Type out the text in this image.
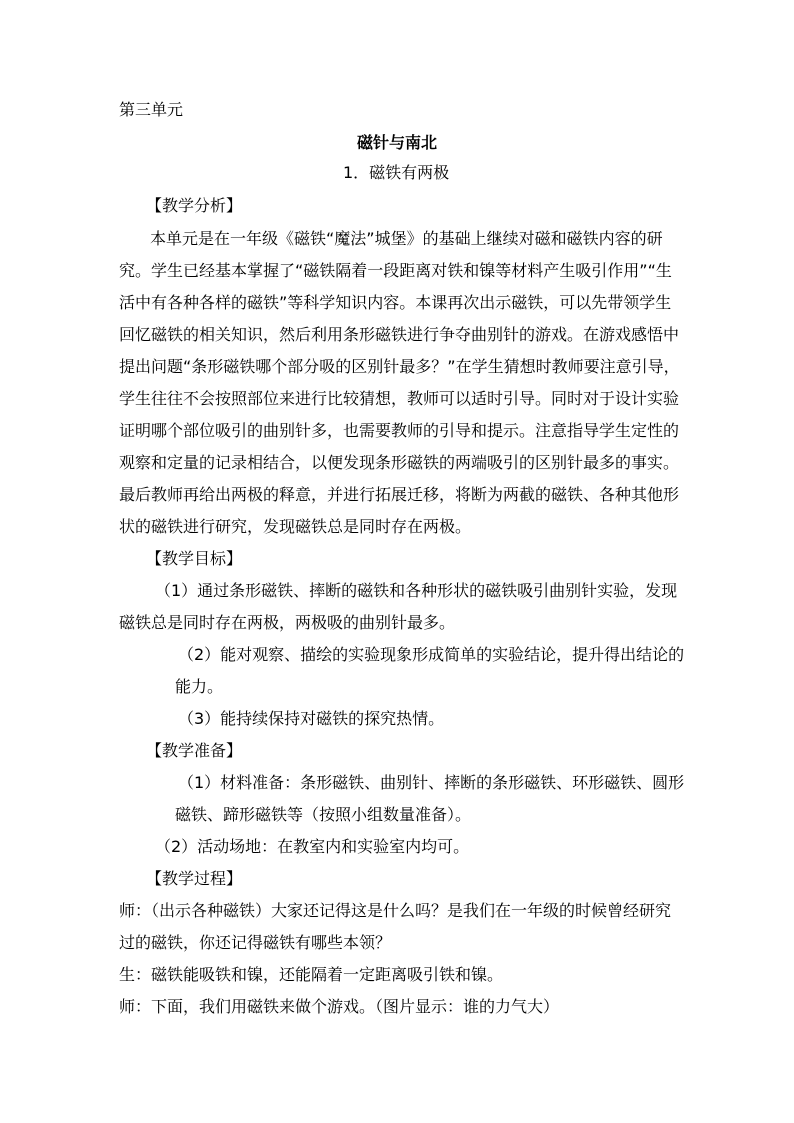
第三单元

磁针与南北

1．磁铁有两极

【教学分析】

本单元是在一年级《磁铁“魔法”城堡》的基础上继续对磁和磁铁内容的研

究。学生已经基本掌握了“磁铁隔着一段距离对铁和镍等材料产生吸引作用”“生

活中有各种各样的磁铁”等科学知识内容。本课再次出示磁铁，可以先带领学生

回忆磁铁的相关知识，然后利用条形磁铁进行争夺曲别针的游戏。在游戏感悟中

提出问题“条形磁铁哪个部分吸的区别针最多？”在学生猜想时教师要注意引导，

学生往往不会按照部位来进行比较猜想，教师可以适时引导。同时对于设计实验

证明哪个部位吸引的曲别针多，也需要教师的引导和提示。注意指导学生定性的

观察和定量的记录相结合，以便发现条形磁铁的两端吸引的区别针最多的事实。

最后教师再给出两极的释意，并进行拓展迁移，将断为两截的磁铁、各种其他形

状的磁铁进行研究，发现磁铁总是同时存在两极。

【教学目标】

（1）通过条形磁铁、摔断的磁铁和各种形状的磁铁吸引曲别针实验，发现

磁铁总是同时存在两极，两极吸的曲别针最多。

（2）能对观察、描绘的实验现象形成简单的实验结论，提升得出结论的

能力。

（3）能持续保持对磁铁的探究热情。

【教学准备】

（1）材料准备：条形磁铁、曲别针、摔断的条形磁铁、环形磁铁、圆形

磁铁、蹄形磁铁等（按照小组数量准备）。

（2）活动场地：在教室内和实验室内均可。

【教学过程】

师：（出示各种磁铁）大家还记得这是什么吗？是我们在一年级的时候曾经研究

过的磁铁，你还记得磁铁有哪些本领？

生：磁铁能吸铁和镍，还能隔着一定距离吸引铁和镍。

师：下面，我们用磁铁来做个游戏。（图片显示：谁的力气大）
